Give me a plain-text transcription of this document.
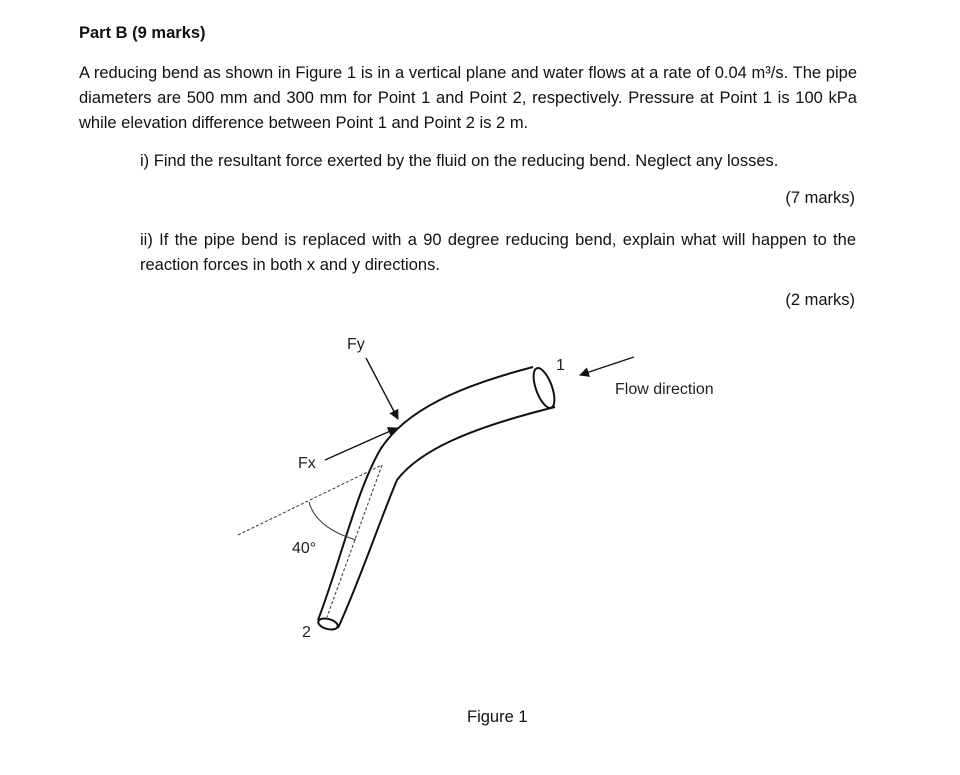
Part B (9 marks)
A reducing bend as shown in Figure 1 is in a vertical plane and water flows at a rate of 0.04 m³/s. The pipe diameters are 500 mm and 300 mm for Point 1 and Point 2, respectively. Pressure at Point 1 is 100 kPa while elevation difference between Point 1 and Point 2 is 2 m.
i) Find the resultant force exerted by the fluid on the reducing bend. Neglect any losses.
(7 marks)
ii) If the pipe bend is replaced with a 90 degree reducing bend, explain what will happen to the reaction forces in both x and y directions.
(2 marks)
Fy
Fx
1
2
40°
Flow direction
Figure 1
